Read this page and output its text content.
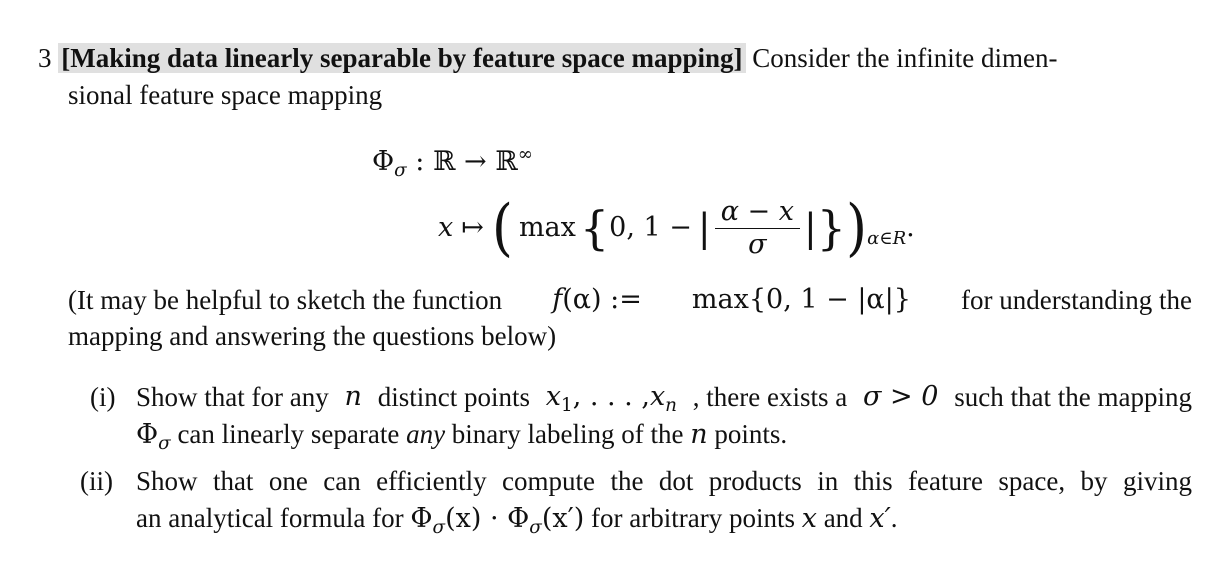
3 [Making data linearly separable by feature space mapping] Consider the infinite dimen-
sional feature space mapping
$\Phi_\sigma$ : ℝ → ℝ∞
x ↦ ( max { 0, 1 − | $\frac{\alpha - x}{\sigma}$ | } ) α∈R .
(It may be helpful to sketch the function f(α) := max{0, 1 − |α|} for understanding the
mapping and answering the questions below)
(i) Show that for any n distinct points $x_1$, . . . $,x_n$ , there exists a σ > 0 such that the mapping
$\Phi_\sigma$ can linearly separate any binary labeling of the n points.
(ii) Show that one can efficiently compute the dot products in this feature space, by giving
an analytical formula for $\Phi_\sigma(x) \cdot \Phi_\sigma(x')$ for arbitrary points x and x′.
